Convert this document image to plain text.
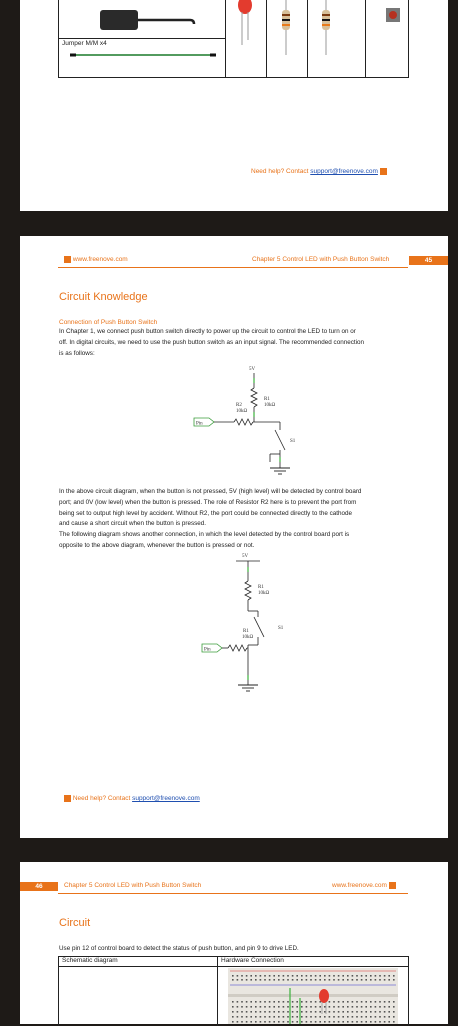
Jumper M/M x4
Need help? Contact support@freenove.com
www.freenove.com	Chapter 5 Control LED with Push Button Switch	45
Circuit Knowledge
Connection of Push Button Switch
In Chapter 1, we connect push button switch directly to power up the circuit to control the LED to turn on or
off. In digital circuits, we need to use the push button switch as an input signal. The recommended connection
is as follows:
5V
R1
10kΩ
Pin
R2
10kΩ
S1
In the above circuit diagram, when the button is not pressed, 5V (high level) will be detected by control board
port; and 0V (low level) when the button is pressed. The role of Resistor R2 here is to prevent the port from
being set to output high level by accident. Without R2, the port could be connected directly to the cathode
and cause a short circuit when the button is pressed.
The following diagram shows another connection, in which the level detected by the control board port is
opposite to the above diagram, whenever the button is pressed or not.
5V
R1
10kΩ
S1
Pin
R1
10kΩ
Need help? Contact support@freenove.com
46	Chapter 5 Control LED with Push Button Switch	www.freenove.com
Circuit
Use pin 12 of control board to detect the status of push button, and pin 9 to drive LED.
Schematic diagram	Hardware Connection
